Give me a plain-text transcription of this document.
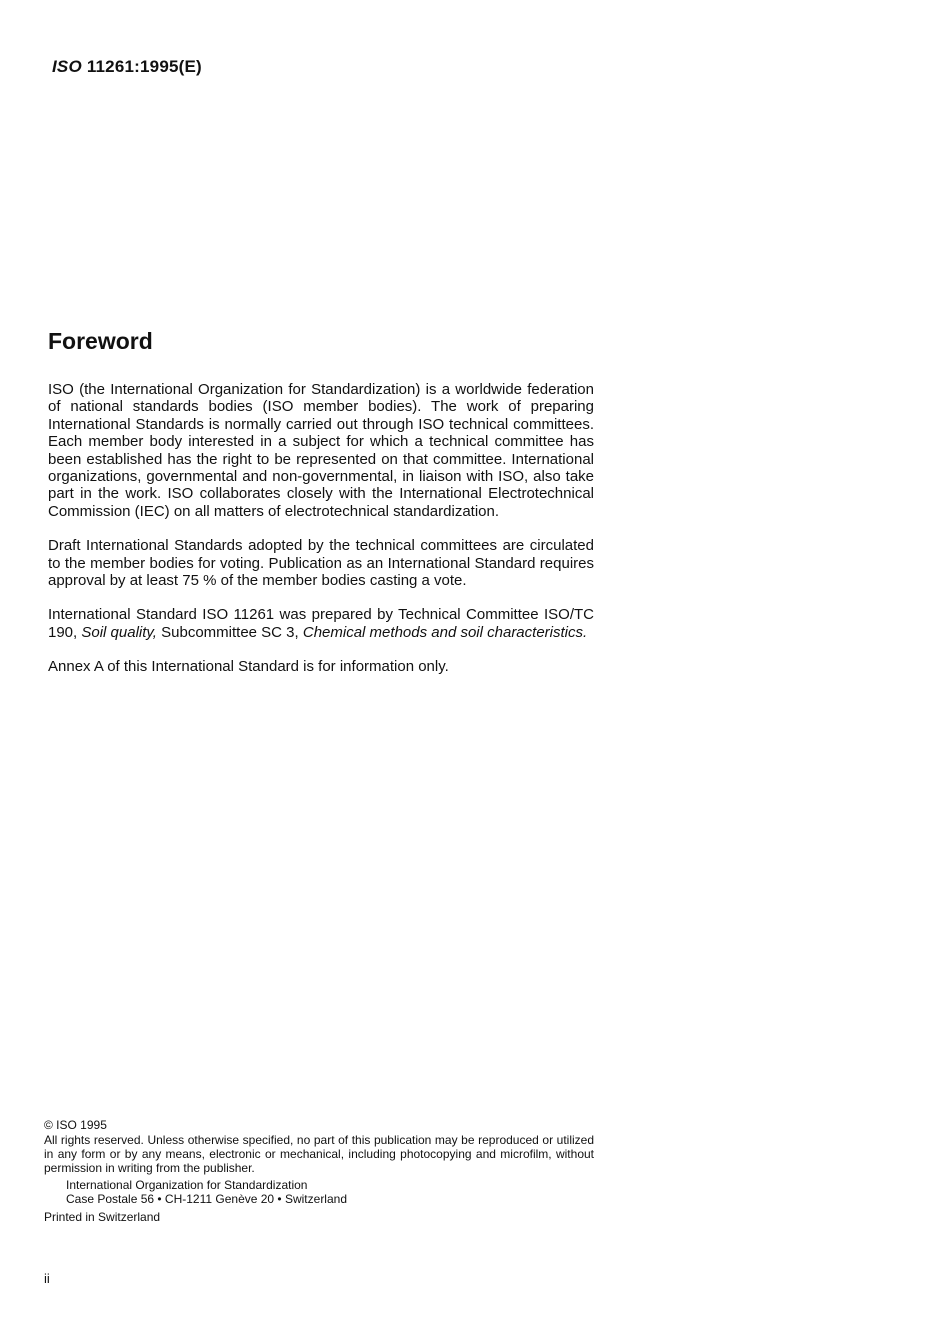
ISO 11261:1995(E)
Foreword

ISO (the International Organization for Standardization) is a worldwide federation of national standards bodies (ISO member bodies). The work of preparing International Standards is normally carried out through ISO technical committees. Each member body interested in a subject for which a technical committee has been established has the right to be represented on that committee. International organizations, governmental and non-governmental, in liaison with ISO, also take part in the work. ISO collaborates closely with the International Electrotechnical Commission (IEC) on all matters of electrotechnical standardization.

Draft International Standards adopted by the technical committees are circulated to the member bodies for voting. Publication as an International Standard requires approval by at least 75 % of the member bodies casting a vote.

International Standard ISO 11261 was prepared by Technical Committee ISO/TC 190, Soil quality, Subcommittee SC 3, Chemical methods and soil characteristics.

Annex A of this International Standard is for information only.

© ISO 1995
All rights reserved. Unless otherwise specified, no part of this publication may be reproduced or utilized in any form or by any means, electronic or mechanical, including photocopying and microfilm, without permission in writing from the publisher.
International Organization for Standardization
Case Postale 56 • CH-1211 Genève 20 • Switzerland
Printed in Switzerland
ii
